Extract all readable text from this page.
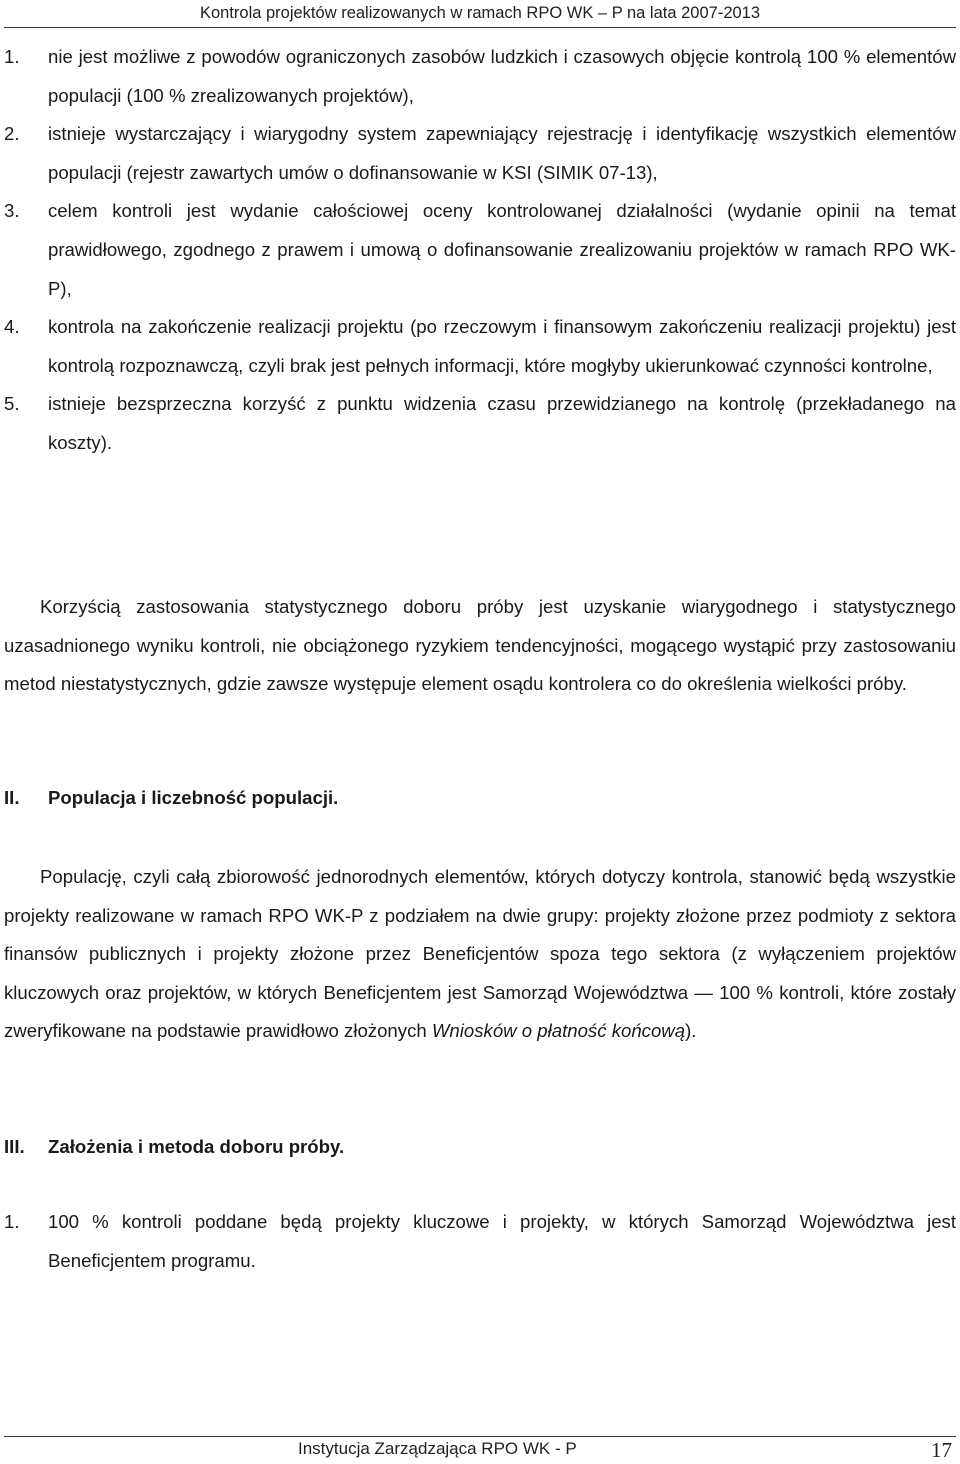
Kontrola projektów realizowanych w ramach RPO WK – P na lata 2007-2013
1.	nie jest możliwe z powodów ograniczonych zasobów ludzkich i czasowych objęcie kontrolą 100 % elementów populacji (100 % zrealizowanych projektów),
2.	istnieje wystarczający i wiarygodny system zapewniający rejestrację i identyfikację wszystkich elementów populacji (rejestr zawartych umów o dofinansowanie w KSI (SIMIK 07-13),
3.	celem kontroli jest wydanie całościowej oceny kontrolowanej działalności (wydanie opinii na temat prawidłowego, zgodnego z prawem i umową o dofinansowanie zrealizowaniu projektów w ramach RPO WK-P),
4.	kontrola na zakończenie realizacji projektu (po rzeczowym i finansowym zakończeniu realizacji projektu) jest kontrolą rozpoznawczą, czyli brak jest pełnych informacji, które mogłyby ukierunkować czynności kontrolne,
5.	istnieje bezsprzeczna korzyść z punktu widzenia czasu przewidzianego na kontrolę (przekładanego na koszty).
Korzyścią zastosowania statystycznego doboru próby jest uzyskanie wiarygodnego i statystycznego uzasadnionego wyniku kontroli, nie obciążonego ryzykiem tendencyjności, mogącego wystąpić przy zastosowaniu metod niestatystycznych, gdzie zawsze występuje element osądu kontrolera co do określenia wielkości próby.
II.	Populacja i liczebność populacji.
Populację, czyli całą zbiorowość jednorodnych elementów, których dotyczy kontrola, stanowić będą wszystkie projekty realizowane w ramach RPO WK-P z podziałem na dwie grupy: projekty złożone przez podmioty z sektora finansów publicznych i projekty złożone przez Beneficjentów spoza tego sektora (z wyłączeniem projektów kluczowych oraz projektów, w których Beneficjentem jest Samorząd Województwa — 100 % kontroli, które zostały zweryfikowane na podstawie prawidłowo złożonych Wniosków o płatność końcową).
III.	Założenia i metoda doboru próby.
1.	100 % kontroli poddane będą projekty kluczowe i projekty, w których Samorząd Województwa jest Beneficjentem programu.
Instytucja Zarządzająca RPO WK - P	17
